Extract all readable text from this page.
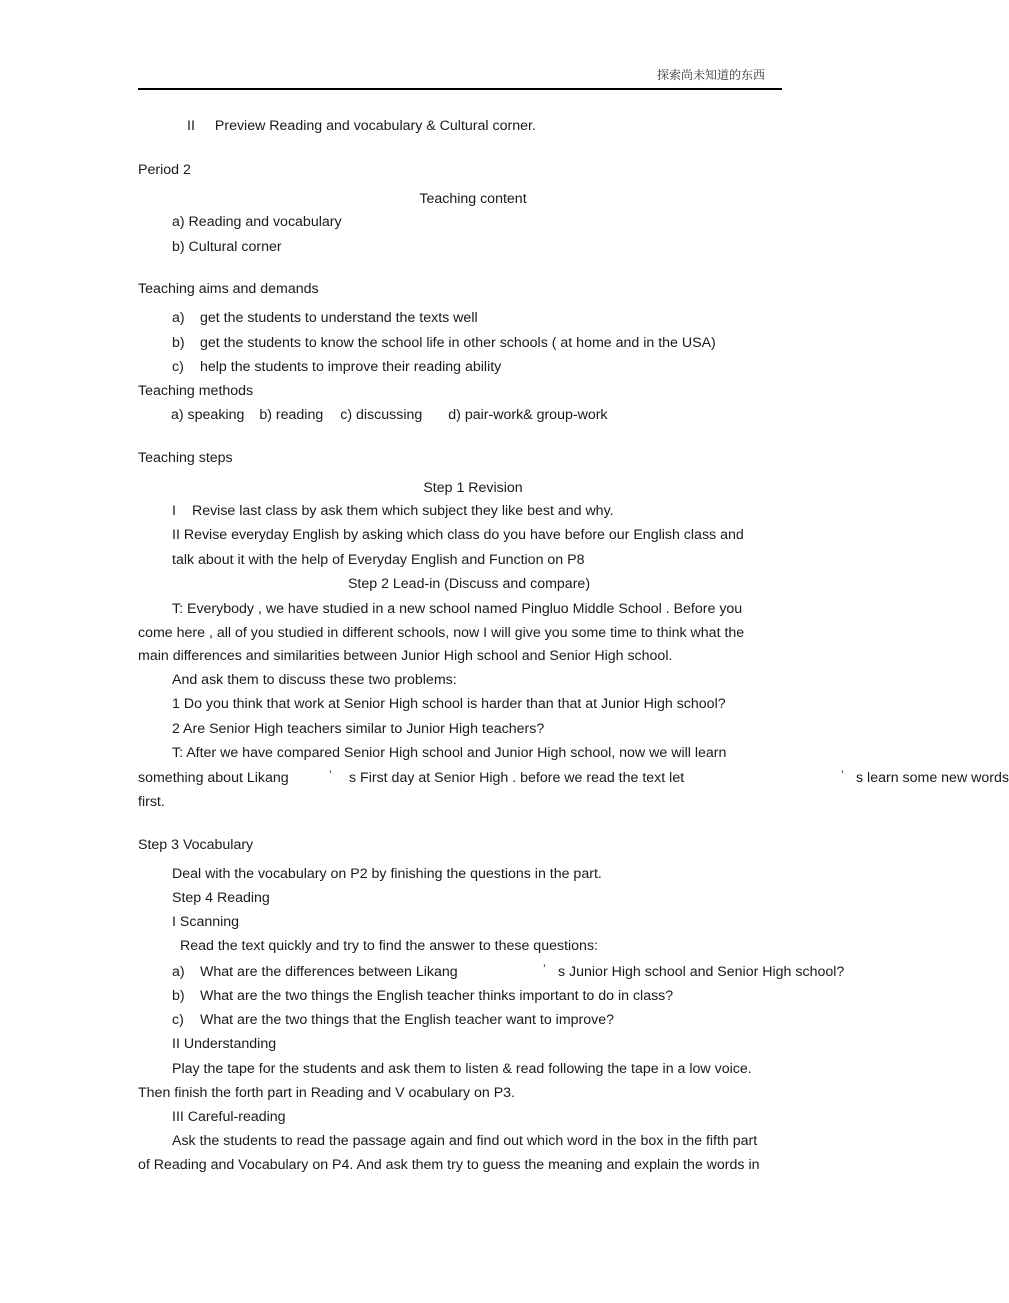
探索尚未知道的东西
II Preview Reading and vocabulary & Cultural corner.
Period 2
Teaching content
a) Reading and vocabulary
b) Cultural corner
Teaching aims and demands
a) get the students to understand the texts well
b) get the students to know the school life in other schools ( at home and in the USA)
c) help the students to improve their reading ability
Teaching methods
a) speaking b) reading c) discussing d) pair-work& group-work
Teaching steps
Step 1 Revision
I Revise last class by ask them which subject they like best and why.
II Revise everyday English by asking which class do you have before our English class and
talk about it with the help of Everyday English and Function on P8
Step 2 Lead-in (Discuss and compare)
T: Everybody , we have studied in a new school named Pingluo Middle School . Before you
come here , all of you studied in different schools, now I will give you some time to think what the
main differences and similarities between Junior High school and Senior High school.
And ask them to discuss these two problems:
1 Do you think that work at Senior High school is harder than that at Junior High school?
2 Are Senior High teachers similar to Junior High teachers?
T: After we have compared Senior High school and Junior High school, now we will learn
something about Likang	’ s First day at Senior High . before we read the text let	’ s learn some new words
first.
Step 3 Vocabulary
Deal with the vocabulary on P2 by finishing the questions in the part.
Step 4 Reading
I Scanning
Read the text quickly and try to find the answer to these questions:
a) What are the differences between Likang	’ s Junior High school and Senior High school?
b) What are the two things the English teacher thinks important to do in class?
c) What are the two things that the English teacher want to improve?
II Understanding
Play the tape for the students and ask them to listen & read following the tape in a low voice.
Then finish the forth part in Reading and V ocabulary on P3.
III Careful-reading
Ask the students to read the passage again and find out which word in the box in the fifth part
of Reading and Vocabulary on P4. And ask them try to guess the meaning and explain the words in
